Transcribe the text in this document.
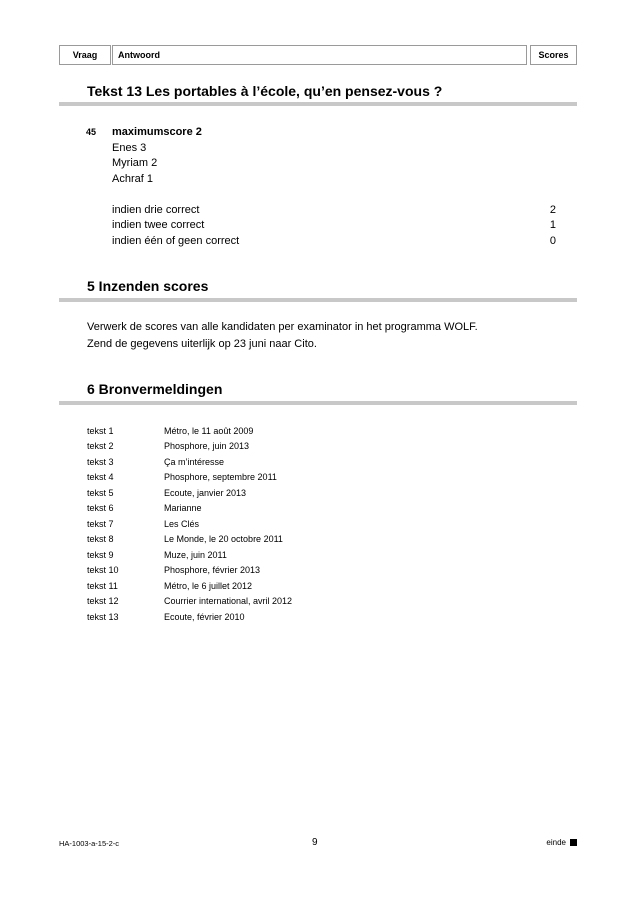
Vraag	Antwoord	Scores
Tekst 13 Les portables à l’école, qu’en pensez-vous ?
45 maximumscore 2
Enes 3
Myriam 2
Achraf 1
indien drie correct	2
indien twee correct	1
indien één of geen correct	0
5 Inzenden scores
Verwerk de scores van alle kandidaten per examinator in het programma WOLF.
Zend de gegevens uiterlijk op 23 juni naar Cito.
6 Bronvermeldingen
tekst 1	Métro, le 11 août 2009
tekst 2	Phosphore, juin 2013
tekst 3	Ça m’intéresse
tekst 4	Phosphore, septembre 2011
tekst 5	Ecoute, janvier 2013
tekst 6	Marianne
tekst 7	Les Clés
tekst 8	Le Monde, le 20 octobre 2011
tekst 9	Muze, juin 2011
tekst 10	Phosphore, février 2013
tekst 11	Métro, le 6 juillet 2012
tekst 12	Courrier international, avril 2012
tekst 13	Ecoute, février 2010
HA-1003-a-15-2-c	9	einde
